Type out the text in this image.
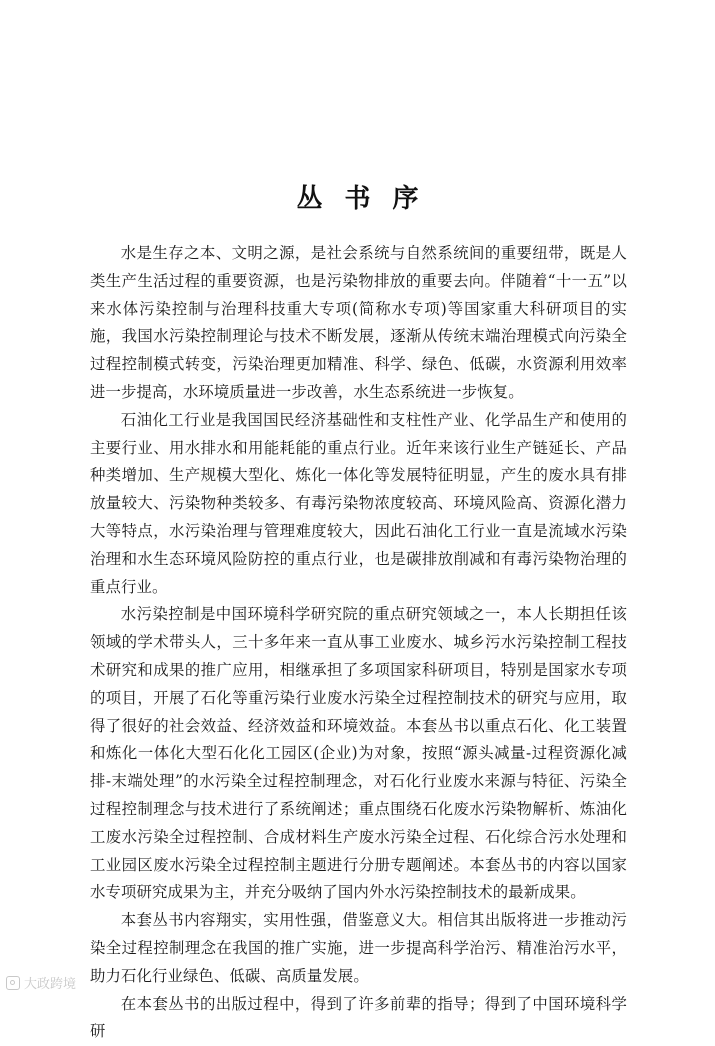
丛书序

水是生存之本、文明之源，是社会系统与自然系统间的重要纽带，既是人类生产生活过程的重要资源，也是污染物排放的重要去向。伴随着“十一五”以来水体污染控制与治理科技重大专项(简称水专项)等国家重大科研项目的实施，我国水污染控制理论与技术不断发展，逐渐从传统末端治理模式向污染全过程控制模式转变，污染治理更加精准、科学、绿色、低碳，水资源利用效率进一步提高，水环境质量进一步改善，水生态系统进一步恢复。

石油化工行业是我国国民经济基础性和支柱性产业、化学品生产和使用的主要行业、用水排水和用能耗能的重点行业。近年来该行业生产链延长、产品种类增加、生产规模大型化、炼化一体化等发展特征明显，产生的废水具有排放量较大、污染物种类较多、有毒污染物浓度较高、环境风险高、资源化潜力大等特点，水污染治理与管理难度较大，因此石油化工行业一直是流域水污染治理和水生态环境风险防控的重点行业，也是碳排放削减和有毒污染物治理的重点行业。

水污染控制是中国环境科学研究院的重点研究领域之一，本人长期担任该领域的学术带头人，三十多年来一直从事工业废水、城乡污水污染控制工程技术研究和成果的推广应用，相继承担了多项国家科研项目，特别是国家水专项的项目，开展了石化等重污染行业废水污染全过程控制技术的研究与应用，取得了很好的社会效益、经济效益和环境效益。本套丛书以重点石化、化工装置和炼化一体化大型石化化工园区(企业)为对象，按照“源头减量-过程资源化减排-末端处理”的水污染全过程控制理念，对石化行业废水来源与特征、污染全过程控制理念与技术进行了系统阐述；重点围绕石化废水污染物解析、炼油化工废水污染全过程控制、合成材料生产废水污染全过程、石化综合污水处理和工业园区废水污染全过程控制主题进行分册专题阐述。本套丛书的内容以国家水专项研究成果为主，并充分吸纳了国内外水污染控制技术的最新成果。

本套丛书内容翔实，实用性强，借鉴意义大。相信其出版将进一步推动污染全过程控制理念在我国的推广实施，进一步提高科学治污、精准治污水平，助力石化行业绿色、低碳、高质量发展。

在本套丛书的出版过程中，得到了许多前辈的指导；得到了中国环境科学研

大政跨境
